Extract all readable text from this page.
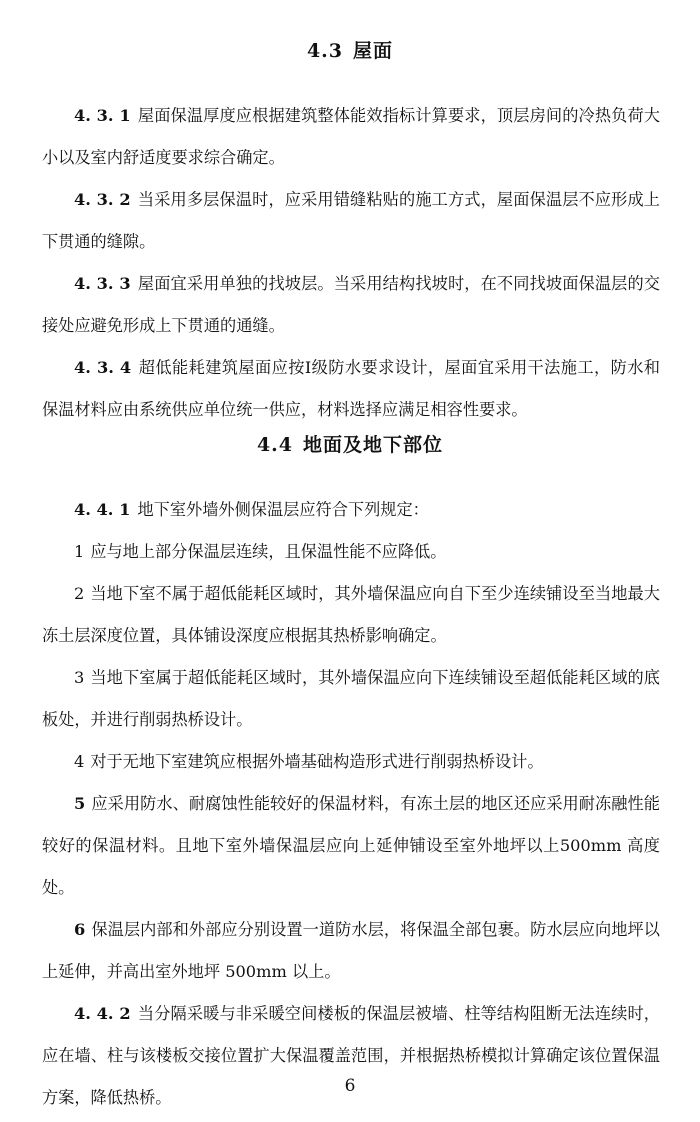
4.3 屋面

4. 3. 1 屋面保温厚度应根据建筑整体能效指标计算要求，顶层房间的冷热负荷大小以及室内舒适度要求综合确定。

4. 3. 2 当采用多层保温时，应采用错缝粘贴的施工方式，屋面保温层不应形成上下贯通的缝隙。

4. 3. 3 屋面宜采用单独的找坡层。当采用结构找坡时，在不同找坡面保温层的交接处应避免形成上下贯通的通缝。

4. 3. 4 超低能耗建筑屋面应按Ⅰ级防水要求设计，屋面宜采用干法施工，防水和保温材料应由系统供应单位统一供应，材料选择应满足相容性要求。

4.4 地面及地下部位

4. 4. 1 地下室外墙外侧保温层应符合下列规定：

1 应与地上部分保温层连续，且保温性能不应降低。

2 当地下室不属于超低能耗区域时，其外墙保温应向自下至少连续铺设至当地最大冻土层深度位置，具体铺设深度应根据其热桥影响确定。

3 当地下室属于超低能耗区域时，其外墙保温应向下连续铺设至超低能耗区域的底板处，并进行削弱热桥设计。

4 对于无地下室建筑应根据外墙基础构造形式进行削弱热桥设计。

5 应采用防水、耐腐蚀性能较好的保温材料，有冻土层的地区还应采用耐冻融性能较好的保温材料。且地下室外墙保温层应向上延伸铺设至室外地坪以上500mm 高度处。

6 保温层内部和外部应分别设置一道防水层，将保温全部包裹。防水层应向地坪以上延伸，并高出室外地坪 500mm 以上。

4. 4. 2 当分隔采暖与非采暖空间楼板的保温层被墙、柱等结构阻断无法连续时，应在墙、柱与该楼板交接位置扩大保温覆盖范围，并根据热桥模拟计算确定该位置保温方案，降低热桥。

6
